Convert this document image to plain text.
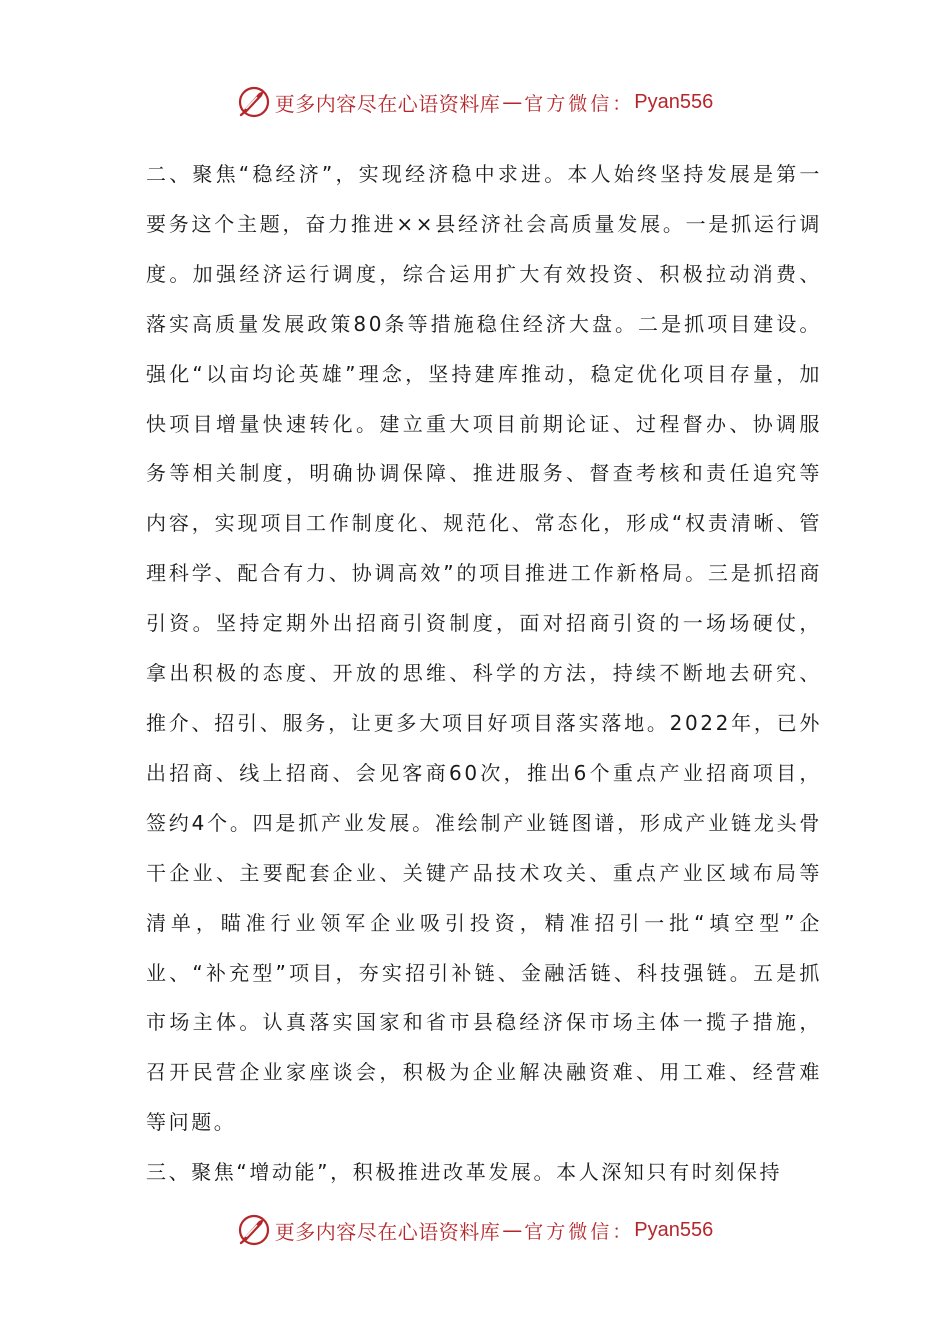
更多内容尽在心语资料库 — 官方微信： Pyan556

二、聚焦“稳经济”，实现经济稳中求进。本人始终坚持发展是第一要务这个主题，奋力推进××县经济社会高质量发展。一是抓运行调度。加强经济运行调度，综合运用扩大有效投资、积极拉动消费、落实高质量发展政策80条等措施稳住经济大盘。二是抓项目建设。强化“以亩均论英雄”理念，坚持建库推动，稳定优化项目存量，加快项目增量快速转化。建立重大项目前期论证、过程督办、协调服务等相关制度，明确协调保障、推进服务、督查考核和责任追究等内容，实现项目工作制度化、规范化、常态化，形成“权责清晰、管理科学、配合有力、协调高效”的项目推进工作新格局。三是抓招商引资。坚持定期外出招商引资制度，面对招商引资的一场场硬仗，拿出积极的态度、开放的思维、科学的方法，持续不断地去研究、推介、招引、服务，让更多大项目好项目落实落地。2022年，已外出招商、线上招商、会见客商60次，推出6个重点产业招商项目，签约4个。四是抓产业发展。准绘制产业链图谱，形成产业链龙头骨干企业、主要配套企业、关键产品技术攻关、重点产业区域布局等清单，瞄准行业领军企业吸引投资，精准招引一批“填空型”企业、“补充型”项目，夯实招引补链、金融活链、科技强链。五是抓市场主体。认真落实国家和省市县稳经济保市场主体一揽子措施，召开民营企业家座谈会，积极为企业解决融资难、用工难、经营难等问题。

三、聚焦“增动能”，积极推进改革发展。本人深知只有时刻保持

更多内容尽在心语资料库 — 官方微信： Pyan556
